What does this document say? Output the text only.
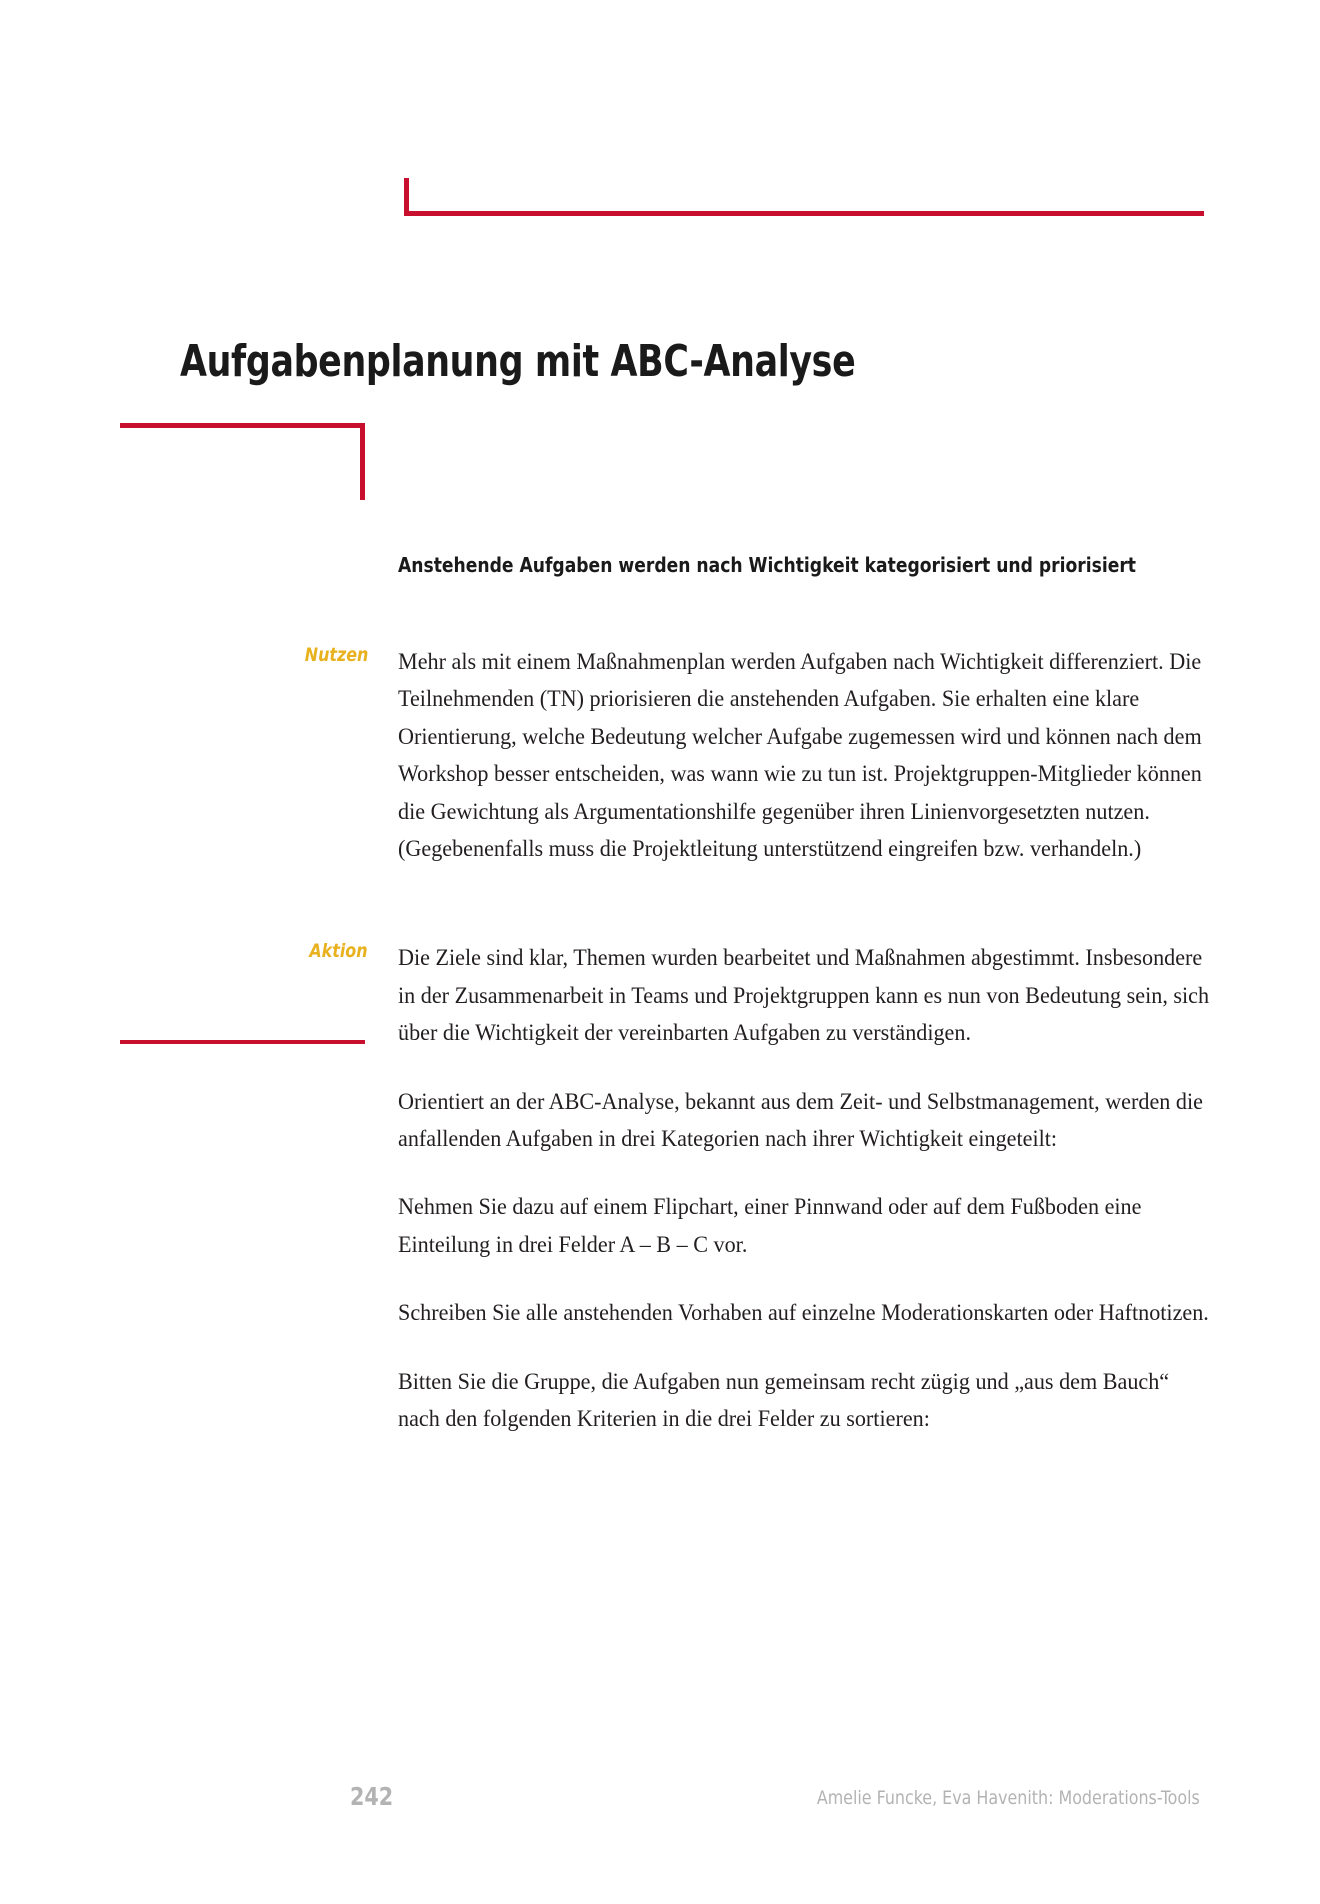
Aufgabenplanung mit ABC-Analyse
Anstehende Aufgaben werden nach Wichtigkeit kategorisiert und priorisiert
Nutzen Mehr als mit einem Maßnahmenplan werden Aufgaben nach Wichtigkeit differenziert. Die Teilnehmenden (TN) priorisieren die anstehenden Aufgaben. Sie erhalten eine klare Orientierung, welche Bedeutung welcher Aufgabe zugemessen wird und können nach dem Workshop besser entscheiden, was wann wie zu tun ist. Projektgruppen-Mitglieder können die Gewichtung als Argumentationshilfe gegenüber ihren Linienvorgesetzten nutzen. (Gegebenenfalls muss die Projektleitung unterstützend eingreifen bzw. verhandeln.)

Aktion Die Ziele sind klar, Themen wurden bearbeitet und Maßnahmen abgestimmt. Insbesondere in der Zusammenarbeit in Teams und Projektgruppen kann es nun von Bedeutung sein, sich über die Wichtigkeit der vereinbarten Aufgaben zu verständigen.

Orientiert an der ABC-Analyse, bekannt aus dem Zeit- und Selbstmanagement, werden die anfallenden Aufgaben in drei Kategorien nach ihrer Wichtigkeit eingeteilt:

Nehmen Sie dazu auf einem Flipchart, einer Pinnwand oder auf dem Fußboden eine Einteilung in drei Felder A – B – C vor.

Schreiben Sie alle anstehenden Vorhaben auf einzelne Moderationskarten oder Haftnotizen.

Bitten Sie die Gruppe, die Aufgaben nun gemeinsam recht zügig und „aus dem Bauch“ nach den folgenden Kriterien in die drei Felder zu sortieren:

242	Amelie Funcke, Eva Havenith: Moderations-Tools
